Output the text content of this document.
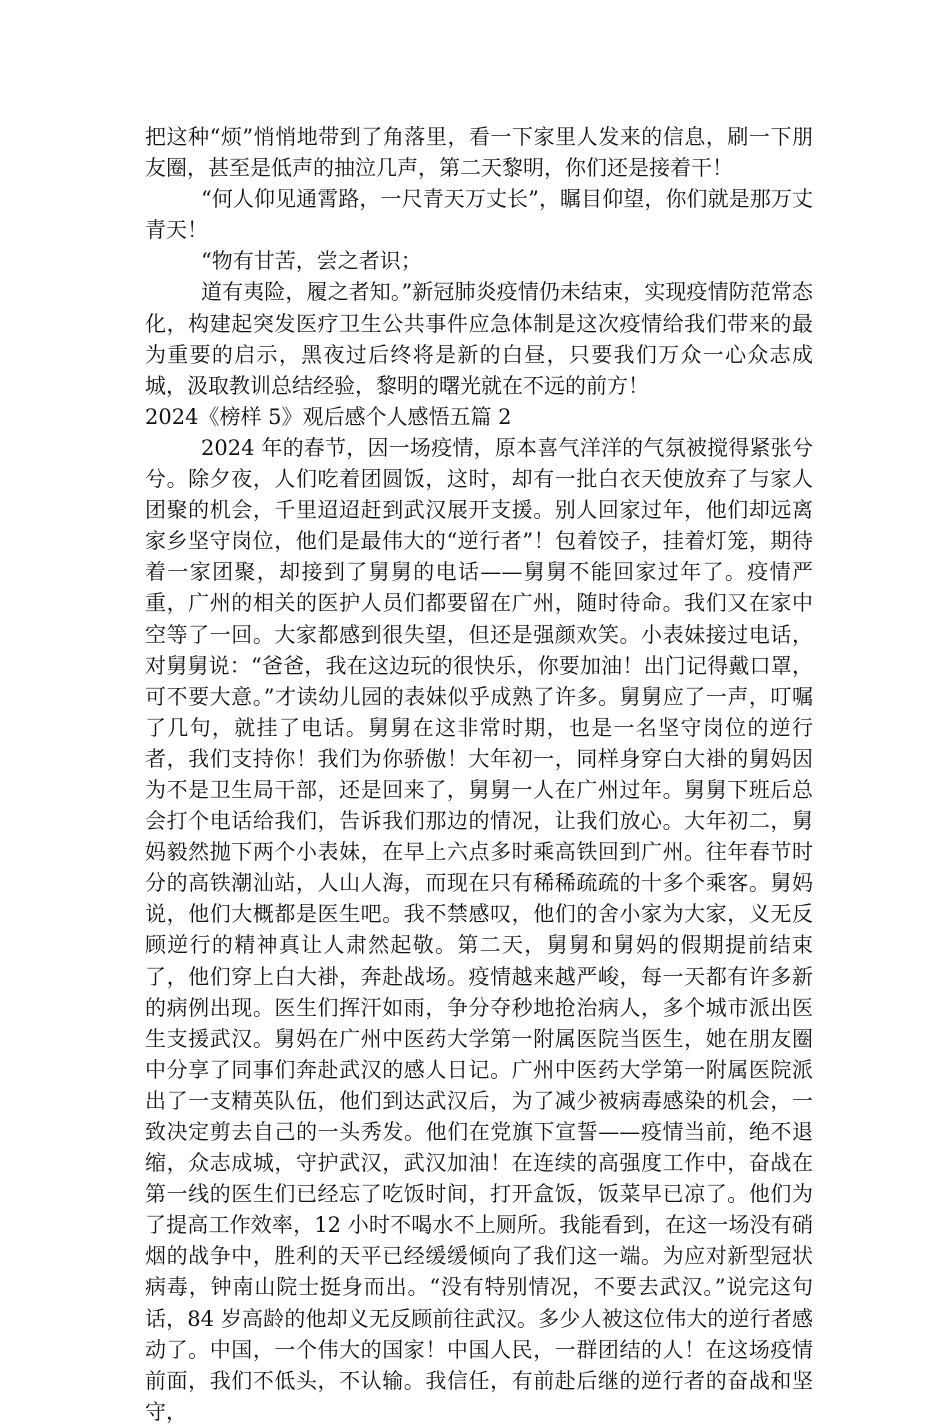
把这种“烦”悄悄地带到了角落里，看一下家里人发来的信息，刷一下朋友圈，甚至是低声的抽泣几声，第二天黎明，你们还是接着干！

“何人仰见通霄路，一尺青天万丈长”，瞩目仰望，你们就是那万丈青天！

“物有甘苦，尝之者识；

道有夷险，履之者知。”新冠肺炎疫情仍未结束，实现疫情防范常态化，构建起突发医疗卫生公共事件应急体制是这次疫情给我们带来的最为重要的启示，黑夜过后终将是新的白昼，只要我们万众一心众志成城，汲取教训总结经验，黎明的曙光就在不远的前方！

2024《榜样 5》观后感个人感悟五篇 2

2024 年的春节，因一场疫情，原本喜气洋洋的气氛被搅得紧张兮兮。除夕夜，人们吃着团圆饭，这时，却有一批白衣天使放弃了与家人团聚的机会，千里迢迢赶到武汉展开支援。别人回家过年，他们却远离家乡坚守岗位，他们是最伟大的“逆行者”！包着饺子，挂着灯笼，期待着一家团聚，却接到了舅舅的电话——舅舅不能回家过年了。疫情严重，广州的相关的医护人员们都要留在广州，随时待命。我们又在家中空等了一回。大家都感到很失望，但还是强颜欢笑。小表妹接过电话，对舅舅说：“爸爸，我在这边玩的很快乐，你要加油！出门记得戴口罩，可不要大意。”才读幼儿园的表妹似乎成熟了许多。舅舅应了一声，叮嘱了几句，就挂了电话。舅舅在这非常时期，也是一名坚守岗位的逆行者，我们支持你！我们为你骄傲！大年初一，同样身穿白大褂的舅妈因为不是卫生局干部，还是回来了，舅舅一人在广州过年。舅舅下班后总会打个电话给我们，告诉我们那边的情况，让我们放心。大年初二，舅妈毅然抛下两个小表妹，在早上六点多时乘高铁回到广州。往年春节时分的高铁潮汕站，人山人海，而现在只有稀稀疏疏的十多个乘客。舅妈说，他们大概都是医生吧。我不禁感叹，他们的舍小家为大家，义无反顾逆行的精神真让人肃然起敬。第二天，舅舅和舅妈的假期提前结束了，他们穿上白大褂，奔赴战场。疫情越来越严峻，每一天都有许多新的病例出现。医生们挥汗如雨，争分夺秒地抢治病人，多个城市派出医生支援武汉。舅妈在广州中医药大学第一附属医院当医生，她在朋友圈中分享了同事们奔赴武汉的感人日记。广州中医药大学第一附属医院派出了一支精英队伍，他们到达武汉后，为了减少被病毒感染的机会，一致决定剪去自己的一头秀发。他们在党旗下宣誓——疫情当前，绝不退缩，众志成城，守护武汉，武汉加油！在连续的高强度工作中，奋战在第一线的医生们已经忘了吃饭时间，打开盒饭，饭菜早已凉了。他们为了提高工作效率，12 小时不喝水不上厕所。我能看到，在这一场没有硝烟的战争中，胜利的天平已经缓缓倾向了我们这一端。为应对新型冠状病毒，钟南山院士挺身而出。“没有特别情况，不要去武汉。”说完这句话，84 岁高龄的他却义无反顾前往武汉。多少人被这位伟大的逆行者感动了。中国，一个伟大的国家！中国人民，一群团结的人！在这场疫情前面，我们不低头，不认输。我信任，有前赴后继的逆行者的奋战和坚守，
